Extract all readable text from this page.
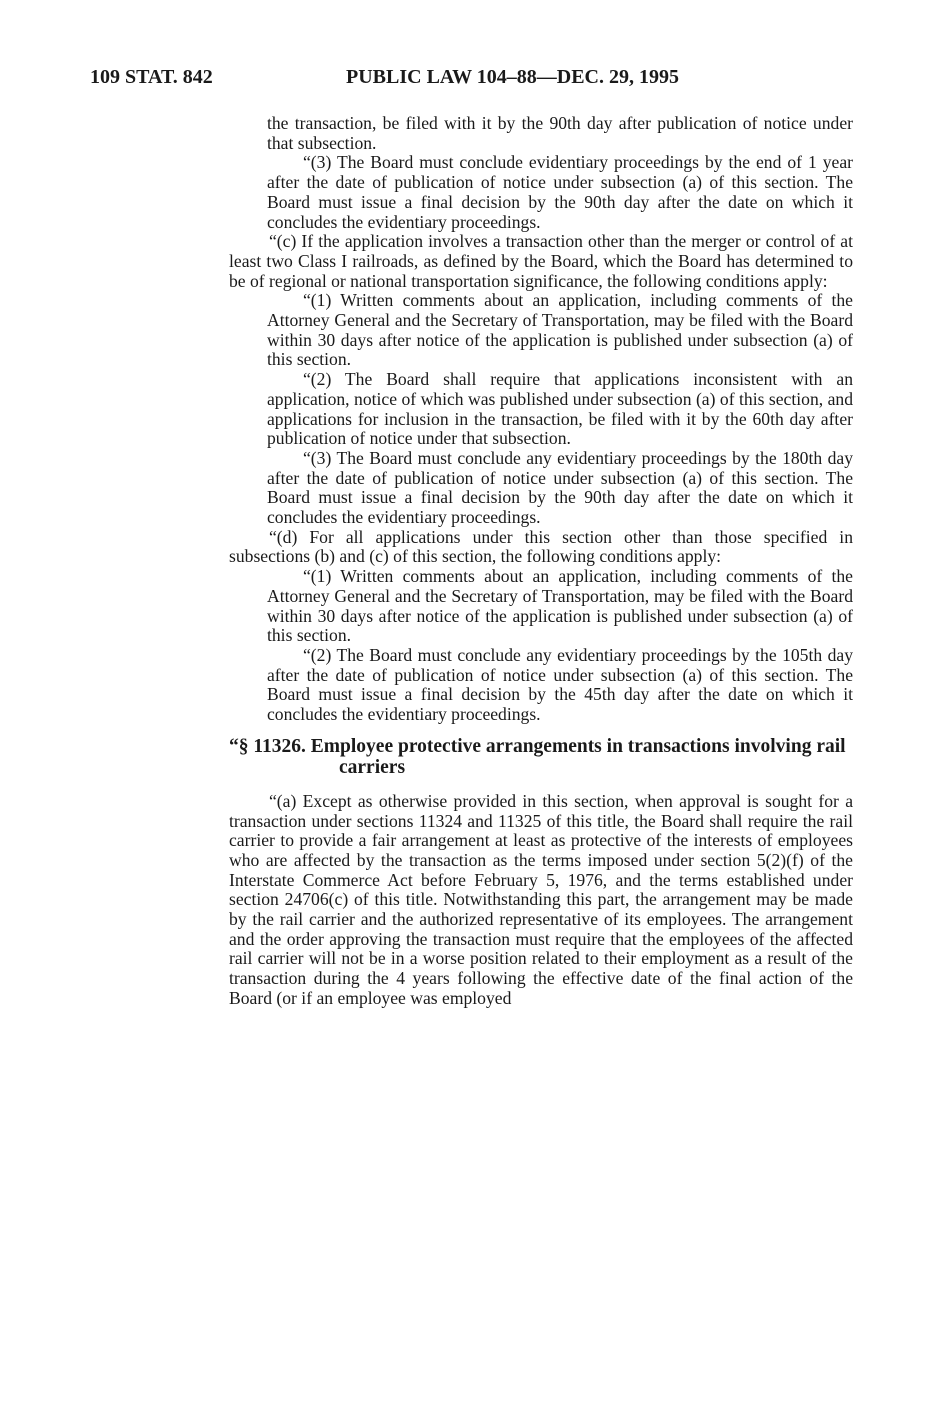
109 STAT. 842	PUBLIC LAW 104–88—DEC. 29, 1995

the transaction, be filed with it by the 90th day after publication of notice under that subsection.

“(3) The Board must conclude evidentiary proceedings by the end of 1 year after the date of publication of notice under subsection (a) of this section. The Board must issue a final decision by the 90th day after the date on which it concludes the evidentiary proceedings.

“(c) If the application involves a transaction other than the merger or control of at least two Class I railroads, as defined by the Board, which the Board has determined to be of regional or national transportation significance, the following conditions apply:

“(1) Written comments about an application, including comments of the Attorney General and the Secretary of Transportation, may be filed with the Board within 30 days after notice of the application is published under subsection (a) of this section.

“(2) The Board shall require that applications inconsistent with an application, notice of which was published under subsection (a) of this section, and applications for inclusion in the transaction, be filed with it by the 60th day after publication of notice under that subsection.

“(3) The Board must conclude any evidentiary proceedings by the 180th day after the date of publication of notice under subsection (a) of this section. The Board must issue a final decision by the 90th day after the date on which it concludes the evidentiary proceedings.

“(d) For all applications under this section other than those specified in subsections (b) and (c) of this section, the following conditions apply:

“(1) Written comments about an application, including comments of the Attorney General and the Secretary of Transportation, may be filed with the Board within 30 days after notice of the application is published under subsection (a) of this section.

“(2) The Board must conclude any evidentiary proceedings by the 105th day after the date of publication of notice under subsection (a) of this section. The Board must issue a final decision by the 45th day after the date on which it concludes the evidentiary proceedings.

“§ 11326. Employee protective arrangements in transactions involving rail carriers

“(a) Except as otherwise provided in this section, when approval is sought for a transaction under sections 11324 and 11325 of this title, the Board shall require the rail carrier to provide a fair arrangement at least as protective of the interests of employees who are affected by the transaction as the terms imposed under section 5(2)(f) of the Interstate Commerce Act before February 5, 1976, and the terms established under section 24706(c) of this title. Notwithstanding this part, the arrangement may be made by the rail carrier and the authorized representative of its employees. The arrangement and the order approving the transaction must require that the employees of the affected rail carrier will not be in a worse position related to their employment as a result of the transaction during the 4 years following the effective date of the final action of the Board (or if an employee was employed
